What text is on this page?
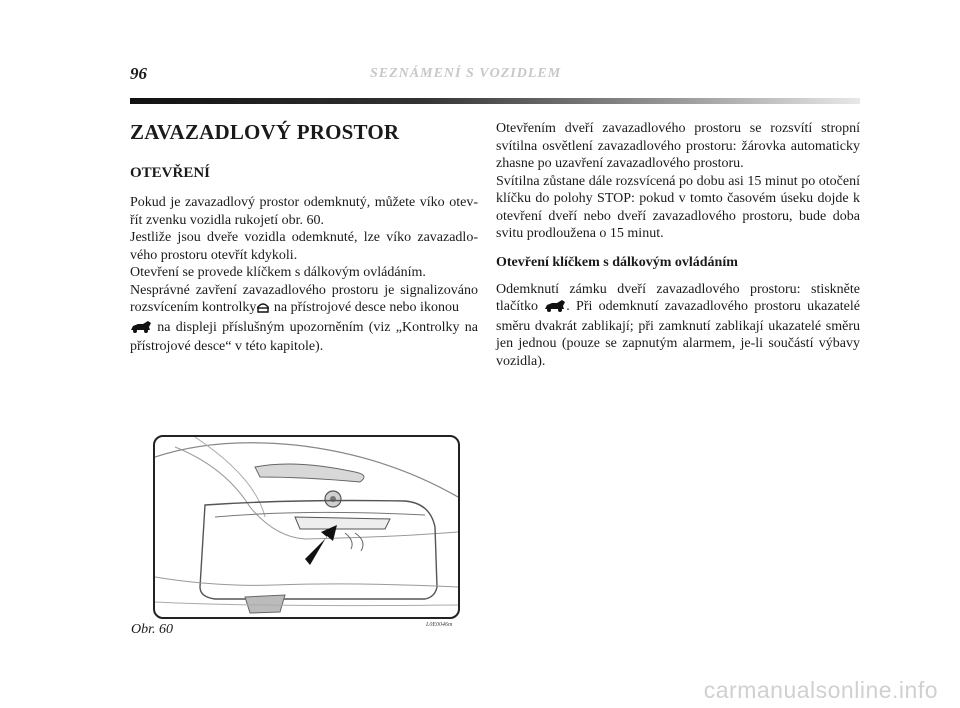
96	SEZNÁMENÍ S VOZIDLEM
ZAVAZADLOVÝ PROSTOR
OTEVŘENÍ

Pokud je zavazadlový prostor odemknutý, můžete víko otevřít zvenku vozidla rukojetí obr. 60.

Jestliže jsou dveře vozidla odemknuté, lze víko zavazadlového prostoru otevřít kdykoli.

Otevření se provede klíčkem s dálkovým ovládáním.

Nesprávné zavření zavazadlového prostoru je signalizováno rozsvícením kontrolky na přístrojové desce nebo ikonou
na displeji příslušným upozorněním (viz „Kontrolky na přístrojové desce“ v této kapitole).

Otevřením dveří zavazadlového prostoru se rozsvítí stropní svítilna osvětlení zavazadlového prostoru: žárovka automaticky zhasne po uzavření zavazadlového prostoru.

Svítilna zůstane dále rozsvícená po dobu asi 15 minut po otočení klíčku do polohy STOP: pokud v tomto časovém úseku dojde k otevření dveří nebo dveří zavazadlového prostoru, bude doba svitu prodloužena o 15 minut.

Otevření klíčkem s dálkovým ovládáním

Odemknutí zámku dveří zavazadlového prostoru: stiskněte tlačítko . Při odemknutí zavazadlového prostoru ukazatelé směru dvakrát zablikají; při zamknutí zablikají ukazatelé směru jen jednou (pouze se zapnutým alarmem, je-li součástí výbavy vozidla).

Obr. 60	L0E0046m
carmanualsonline.info
